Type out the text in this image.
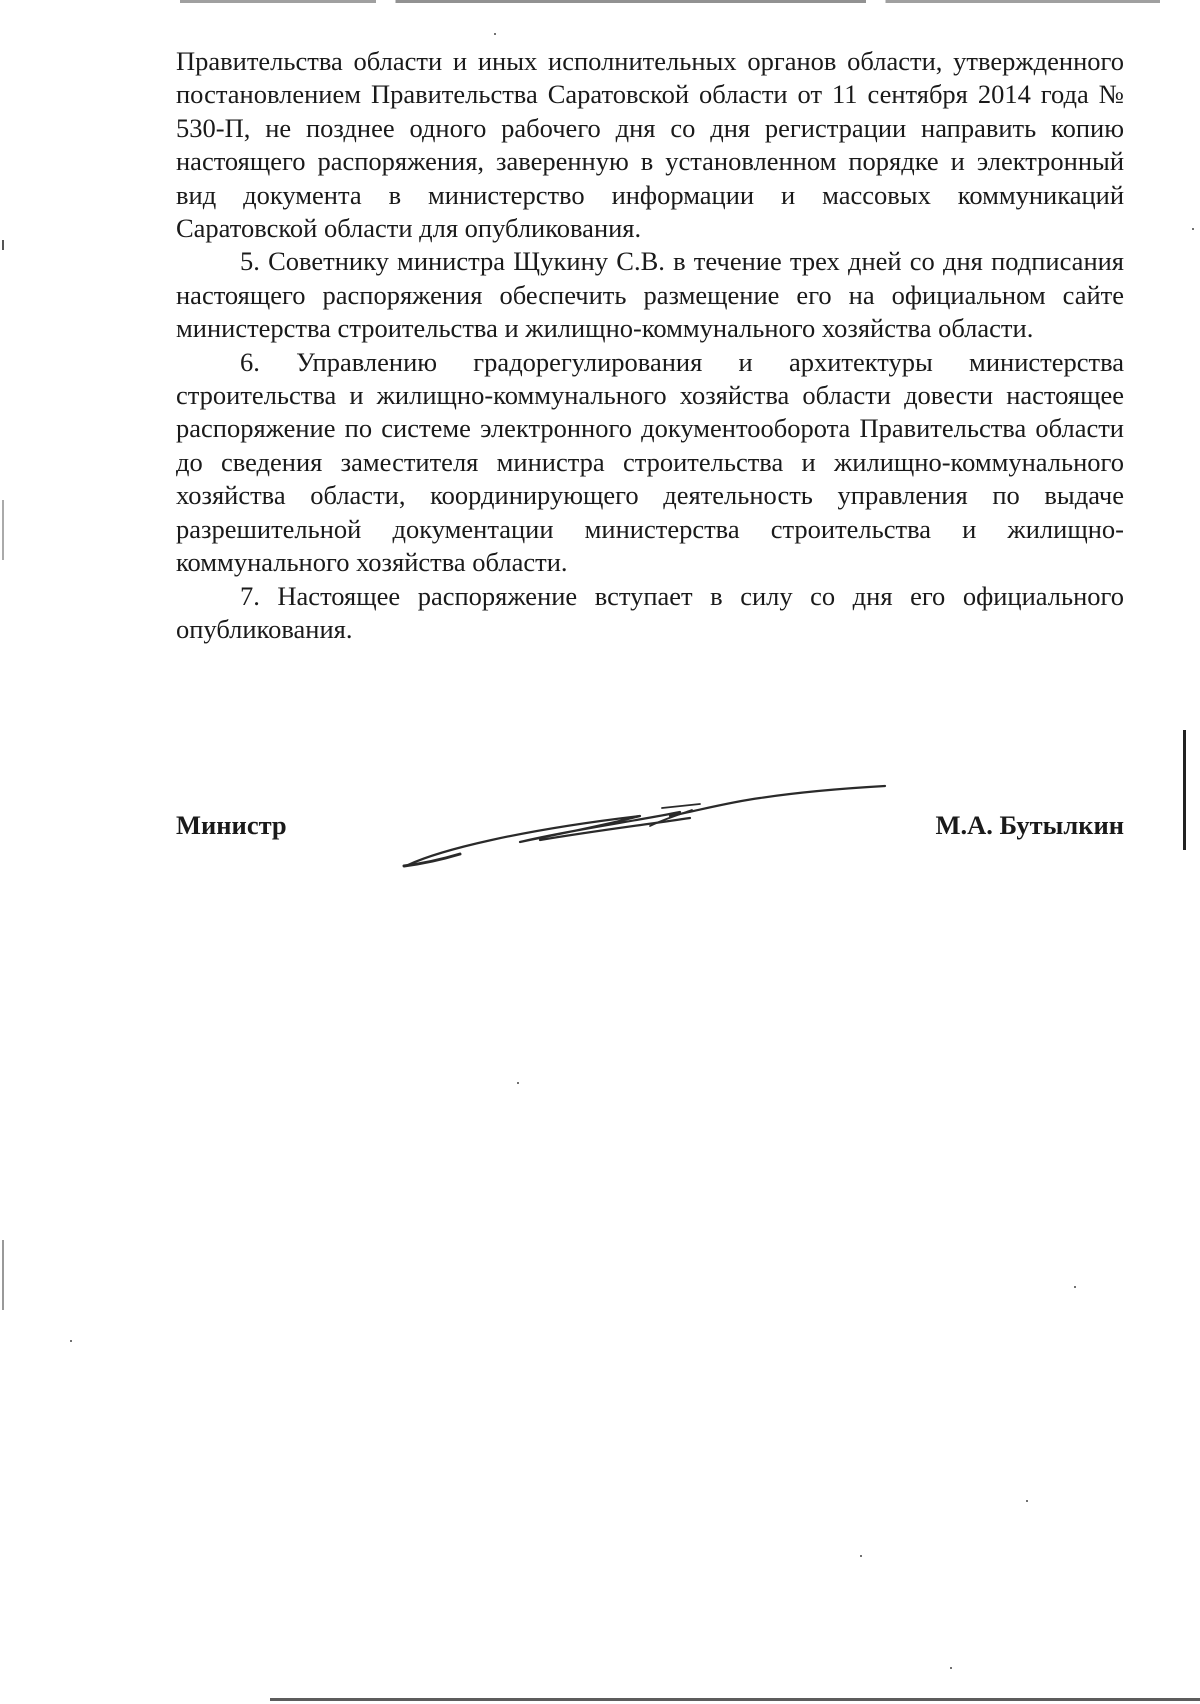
Правительства области и иных исполнительных органов области, утвержденного постановлением Правительства Саратовской области от 11 сентября 2014 года № 530-П, не позднее одного рабочего дня со дня регистрации направить копию настоящего распоряжения, заверенную в установленном порядке и электронный вид документа в министерство информации и массовых коммуникаций Саратовской области для опубликования.

5. Советнику министра Щукину С.В. в течение трех дней со дня подписания настоящего распоряжения обеспечить размещение его на официальном сайте министерства строительства и жилищно-коммунального хозяйства области.

6. Управлению градорегулирования и архитектуры министерства строительства и жилищно-коммунального хозяйства области довести настоящее распоряжение по системе электронного документооборота Правительства области до сведения заместителя министра строительства и жилищно-коммунального хозяйства области, координирующего деятельность управления по выдаче разрешительной документации министерства строительства и жилищно-коммунального хозяйства области.

7. Настоящее распоряжение вступает в силу со дня его официального опубликования.

Министр	М.А. Бутылкин
